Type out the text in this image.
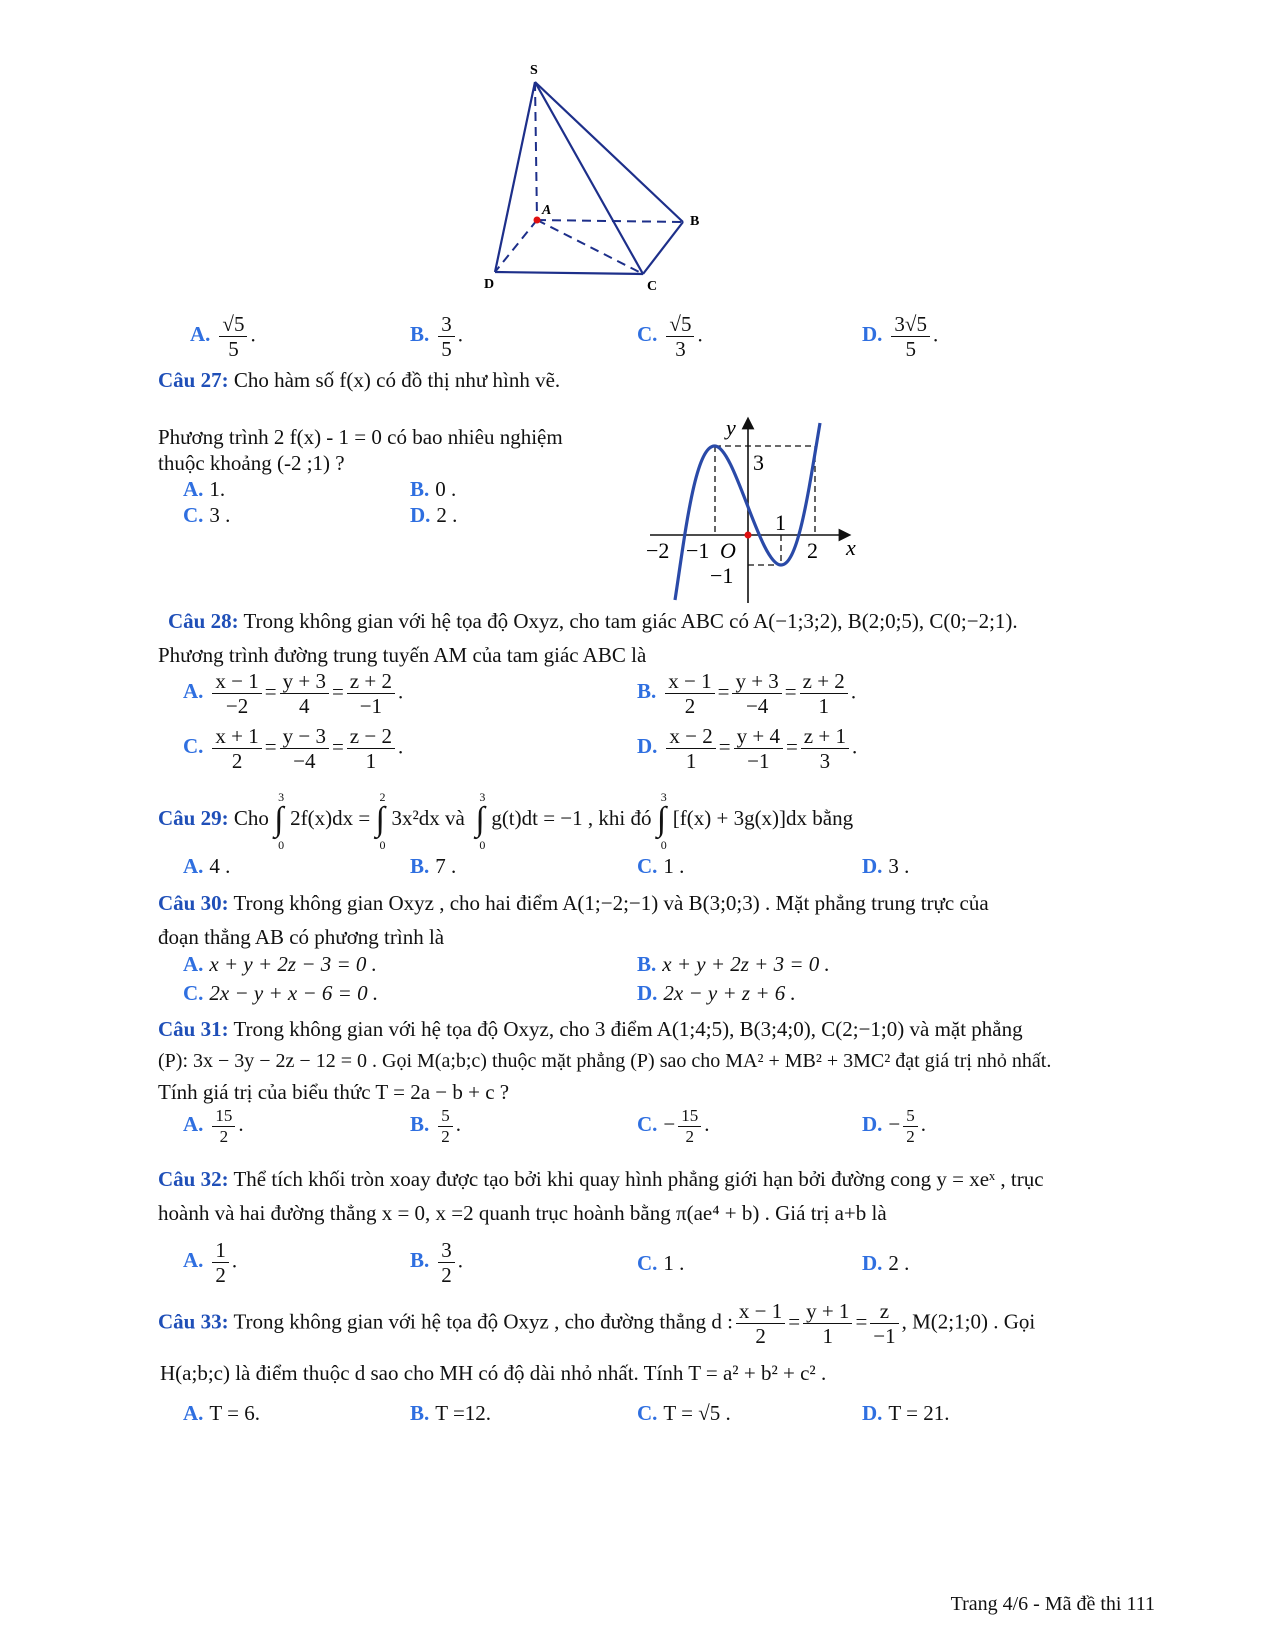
S
A
B
C
D
A. $\frac{√5}{5}$ .	B. $\frac{3}{5}$ .	C. $\frac{√5}{3}$ .	D. $\frac{3√5}{5}$ .
Câu 27: Cho hàm số f(x) có đồ thị như hình vẽ.
Phương trình 2 f(x) - 1 = 0 có bao nhiêu nghiệm
thuộc khoảng (-2 ;1) ?
A. 1.	B. 0 .
C. 3 .	D. 2 .
y
x
3
1
−2 −1 O	2
−1
Câu 28: Trong không gian với hệ tọa độ Oxyz, cho tam giác ABC có A(−1;3;2), B(2;0;5), C(0;−2;1).
Phương trình đường trung tuyến AM của tam giác ABC là
A. $\frac{x - 1}{-2} = \frac{y + 3}{4} = \frac{z + 2}{-1}$ .	B. $\frac{x - 1}{2} = \frac{y + 3}{-4} = \frac{z + 2}{1}$ .
C. $\frac{x + 1}{2} = \frac{y - 3}{-4} = \frac{z - 2}{1}$ .	D. $\frac{x - 2}{1} = \frac{y + 4}{-1} = \frac{z + 1}{3}$ .
Câu 29: Cho ∫
3
0
2f(x)dx = ∫
2
0
3x²dx và ∫
3
0
g(t)dt = −1 , khi đó ∫
3
0
[f(x) + 3g(x)]dx bằng
A. 4 .	B. 7 .	C. 1 .	D. 3 .
Câu 30: Trong không gian Oxyz , cho hai điểm A(1;−2;−1) và B(3;0;3) . Mặt phẳng trung trực của
đoạn thẳng AB có phương trình là
A. x + y + 2z − 3 = 0 .	B. x + y + 2z + 3 = 0 .
C. 2x − y + x − 6 = 0 .	D. 2x − y + z + 6 .
Câu 31: Trong không gian với hệ tọa độ Oxyz, cho 3 điểm A(1;4;5), B(3;4;0), C(2;−1;0) và mặt phẳng
(P): 3x − 3y − 2z − 12 = 0 . Gọi M(a;b;c) thuộc mặt phẳng (P) sao cho MA² + MB² + 3MC² đạt giá trị nhỏ nhất.
Tính giá trị của biểu thức T = 2a − b + c ?
A. $\frac{15}{2}$ .	B. $\frac{5}{2}$ .	C. − $\frac{15}{2}$ .	D. − $\frac{5}{2}$ .
Câu 32: Thể tích khối tròn xoay được tạo bởi khi quay hình phẳng giới hạn bởi đường cong y = xeˣ , trục
hoành và hai đường thẳng x = 0, x =2 quanh trục hoành bằng π(ae⁴ + b) . Giá trị a+b là
A. $\frac{1}{2}$ .	B. $\frac{3}{2}$ .	C. 1 .	D. 2 .
Câu 33: Trong không gian với hệ tọa độ Oxyz , cho đường thẳng d : $\frac{x - 1}{2} = \frac{y + 1}{1} = \frac{z}{-1}$ , M(2;1;0) . Gọi
H(a;b;c) là điểm thuộc d sao cho MH có độ dài nhỏ nhất. Tính T = a² + b² + c² .
A. T = 6.	B. T =12.	C. T = √5 .	D. T = 21.
Trang 4/6 - Mã đề thi 111
